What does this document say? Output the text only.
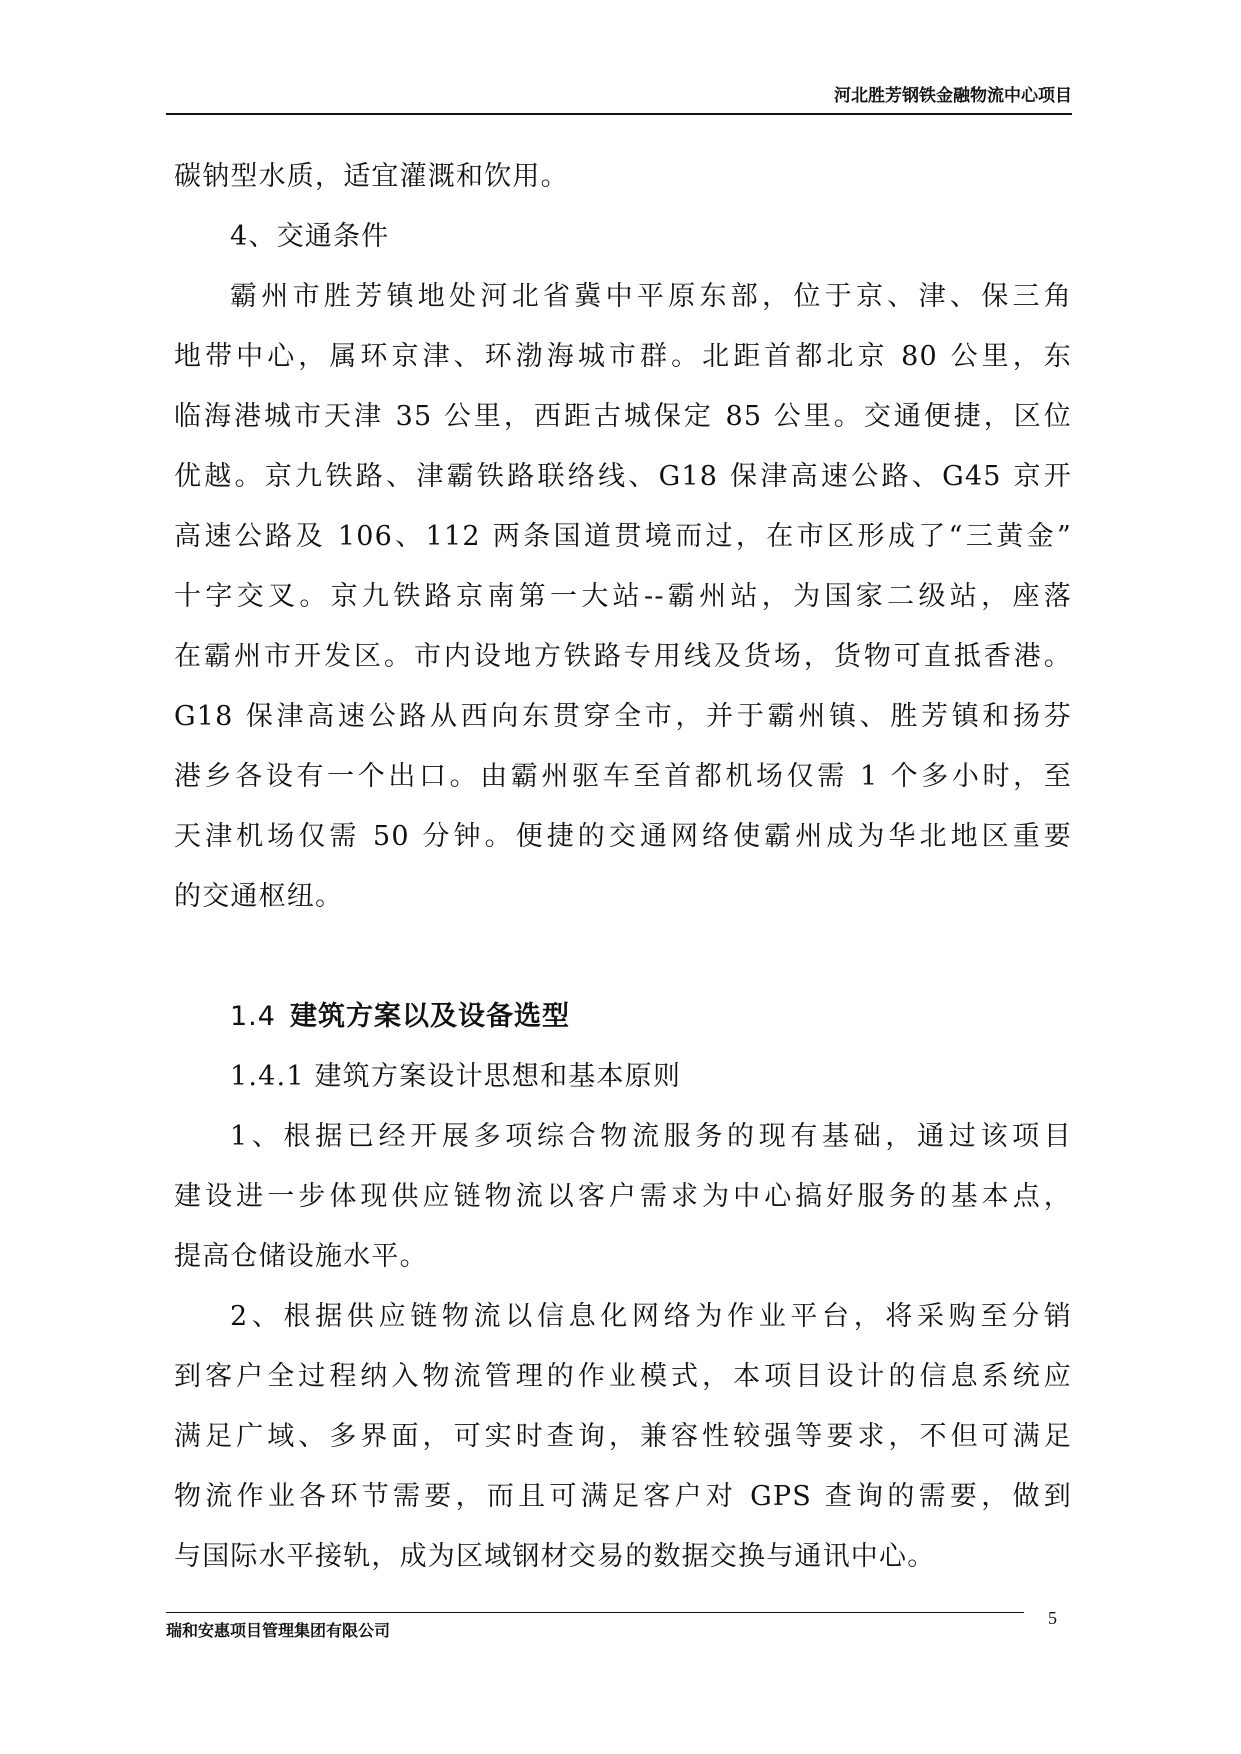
河北胜芳钢铁金融物流中心项目
碳钠型水质，适宜灌溉和饮用。
4、交通条件
霸州市胜芳镇地处河北省冀中平原东部，位于京、津、保三角
地带中心，属环京津、环渤海城市群。北距首都北京 80 公里，东
临海港城市天津 35 公里，西距古城保定 85 公里。交通便捷，区位
优越。京九铁路、津霸铁路联络线、G18 保津高速公路、G45 京开
高速公路及 106、112 两条国道贯境而过，在市区形成了“三黄金”
十字交叉。京九铁路京南第一大站--霸州站，为国家二级站，座落
在霸州市开发区。市内设地方铁路专用线及货场，货物可直抵香港。
G18 保津高速公路从西向东贯穿全市，并于霸州镇、胜芳镇和扬芬
港乡各设有一个出口。由霸州驱车至首都机场仅需 1 个多小时，至
天津机场仅需 50 分钟。便捷的交通网络使霸州成为华北地区重要
的交通枢纽。
1.4 建筑方案以及设备选型
1.4.1 建筑方案设计思想和基本原则
1、根据已经开展多项综合物流服务的现有基础，通过该项目
建设进一步体现供应链物流以客户需求为中心搞好服务的基本点，
提高仓储设施水平。
2、根据供应链物流以信息化网络为作业平台，将采购至分销
到客户全过程纳入物流管理的作业模式，本项目设计的信息系统应
满足广域、多界面，可实时查询，兼容性较强等要求，不但可满足
物流作业各环节需要，而且可满足客户对 GPS 查询的需要，做到
与国际水平接轨，成为区域钢材交易的数据交换与通讯中心。
瑞和安惠项目管理集团有限公司
5
